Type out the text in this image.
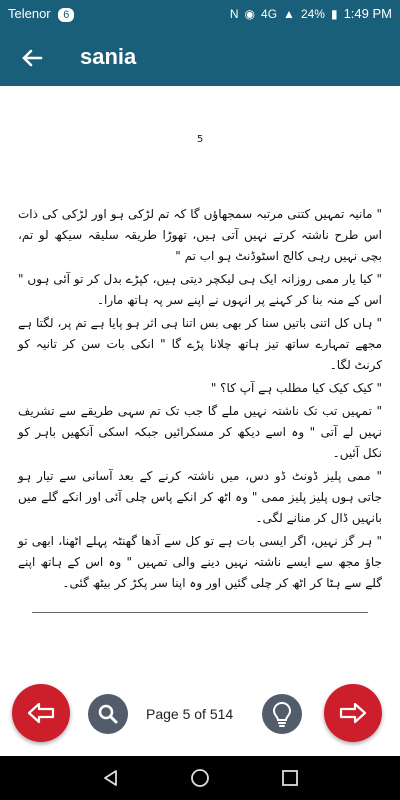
Telenor 6	N ◉ 4G ▲ 24% ▮ 1:49 PM
sania
5

" مانیہ تمہیں کتنی مرتبہ سمجھاؤں گا کہ تم لڑکی ہو اور لڑکی کی ذات اس طرح ناشتہ کرتے نہیں آتی ہیں، تھوڑا طریقہ سلیقہ سیکھ لو تم، بچی نہیں رہی کالج اسٹوڈنٹ ہو اب تم "

" کیا یار ممی روزانہ ایک ہی لیکچر دیتی ہیں، کپڑے بدل کر تو آئی ہوں " اس کے منہ بنا کر کہنے پر انہوں نے اپنے سر پہ ہاتھ مارا۔

" ہاں کل اتنی باتیں سنا کر بھی بس اتنا ہی اثر ہو پایا ہے تم پر، لگتا ہے مجھے تمہارے ساتھ تیز ہاتھ چلانا پڑے گا " انکی بات سن کر تانیہ کو کرنٹ لگا۔

" کیک کیک کیا مطلب ہے آپ کا؟ "

" تمہیں تب تک ناشتہ نہیں ملے گا جب تک تم سہی طریقے سے تشریف نہیں لے آتی " وہ اسے دیکھ کر مسکرائیں جبکہ اسکی آنکھیں باہر کو نکل آئیں۔

" ممی پلیز ڈونٹ ڈو دس، میں ناشتہ کرنے کے بعد آسانی سے تیار ہو جاتی ہوں پلیز پلیز ممی " وہ اٹھ کر انکے پاس چلی آئی اور انکے گلے میں بانہیں ڈال کر منانے لگی۔

" ہر گز نہیں، اگر ایسی بات ہے تو کل سے آدھا گھنٹہ پہلے اٹھنا، ابھی تو جاؤ مجھ سے ایسے ناشتہ نہیں دینے والی تمہیں " وہ اس کے ہاتھ اپنے گلے سے ہٹا کر اٹھ کر چلی گئیں اور وہ اپنا سر پکڑ کر بیٹھ گئی۔

Page 5 of 514
